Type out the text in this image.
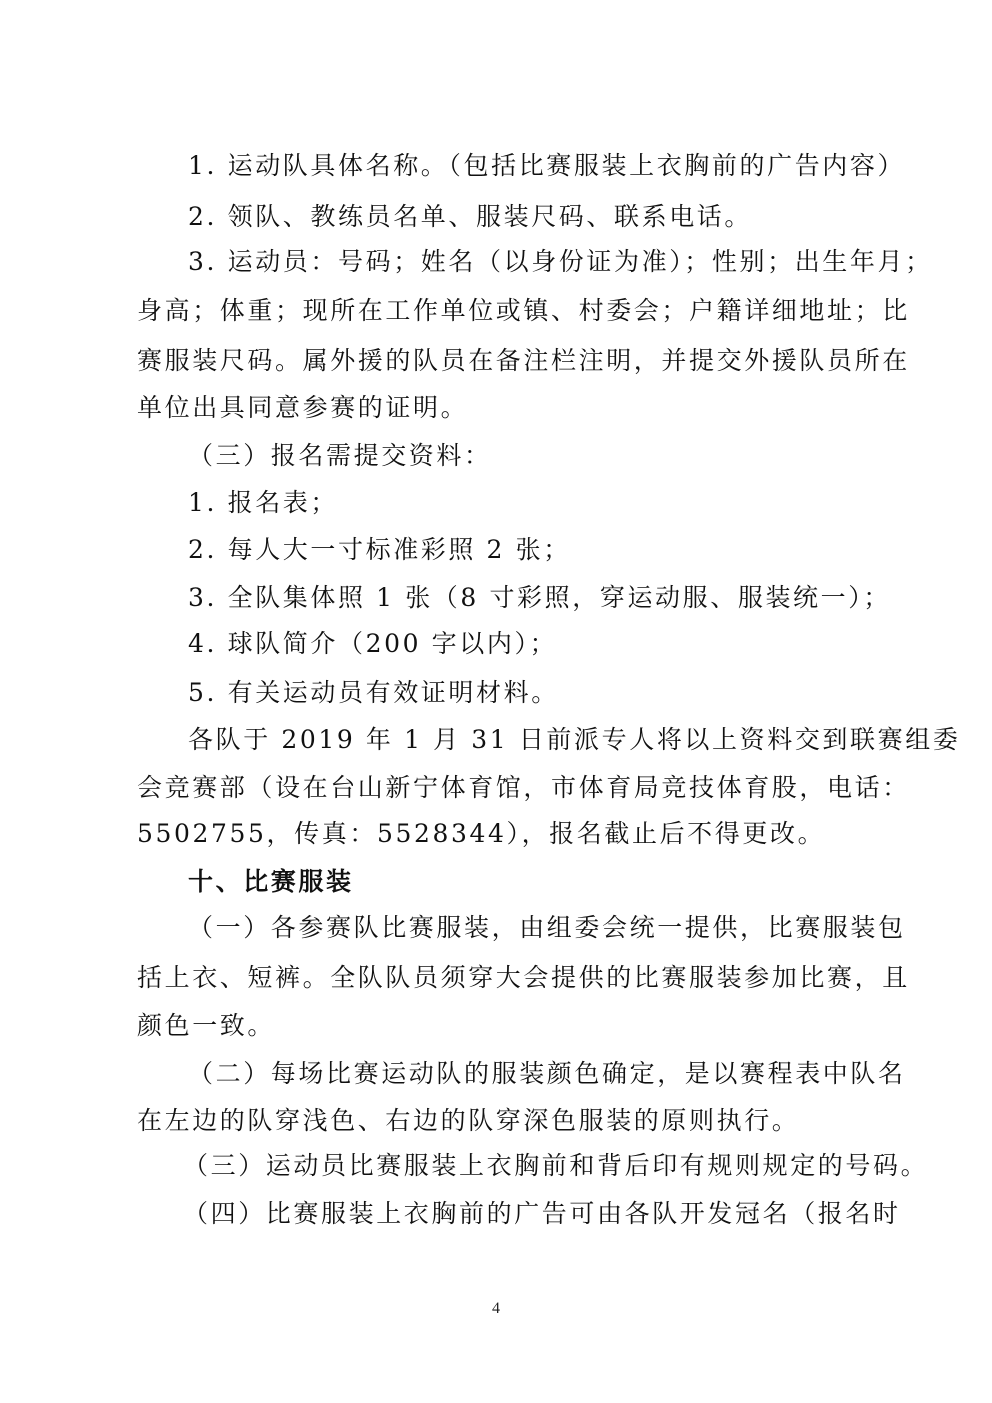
1. 运动队具体名称。（包括比赛服装上衣胸前的广告内容）
2. 领队、教练员名单、服装尺码、联系电话。
3. 运动员：号码；姓名（以身份证为准）；性别；出生年月；
身高；体重；现所在工作单位或镇、村委会；户籍详细地址；比
赛服装尺码。属外援的队员在备注栏注明，并提交外援队员所在
单位出具同意参赛的证明。
（三）报名需提交资料：
1. 报名表；
2. 每人大一寸标准彩照 2 张；
3. 全队集体照 1 张（8 寸彩照，穿运动服、服装统一）；
4. 球队简介（200 字以内）；
5. 有关运动员有效证明材料。
各队于 2019 年 1 月 31 日前派专人将以上资料交到联赛组委
会竞赛部（设在台山新宁体育馆，市体育局竞技体育股，电话：
5502755，传真：5528344），报名截止后不得更改。
十、比赛服装
（一）各参赛队比赛服装，由组委会统一提供，比赛服装包
括上衣、短裤。全队队员须穿大会提供的比赛服装参加比赛，且
颜色一致。
（二）每场比赛运动队的服装颜色确定，是以赛程表中队名
在左边的队穿浅色、右边的队穿深色服装的原则执行。
（三）运动员比赛服装上衣胸前和背后印有规则规定的号码。
（四）比赛服装上衣胸前的广告可由各队开发冠名（报名时
4
